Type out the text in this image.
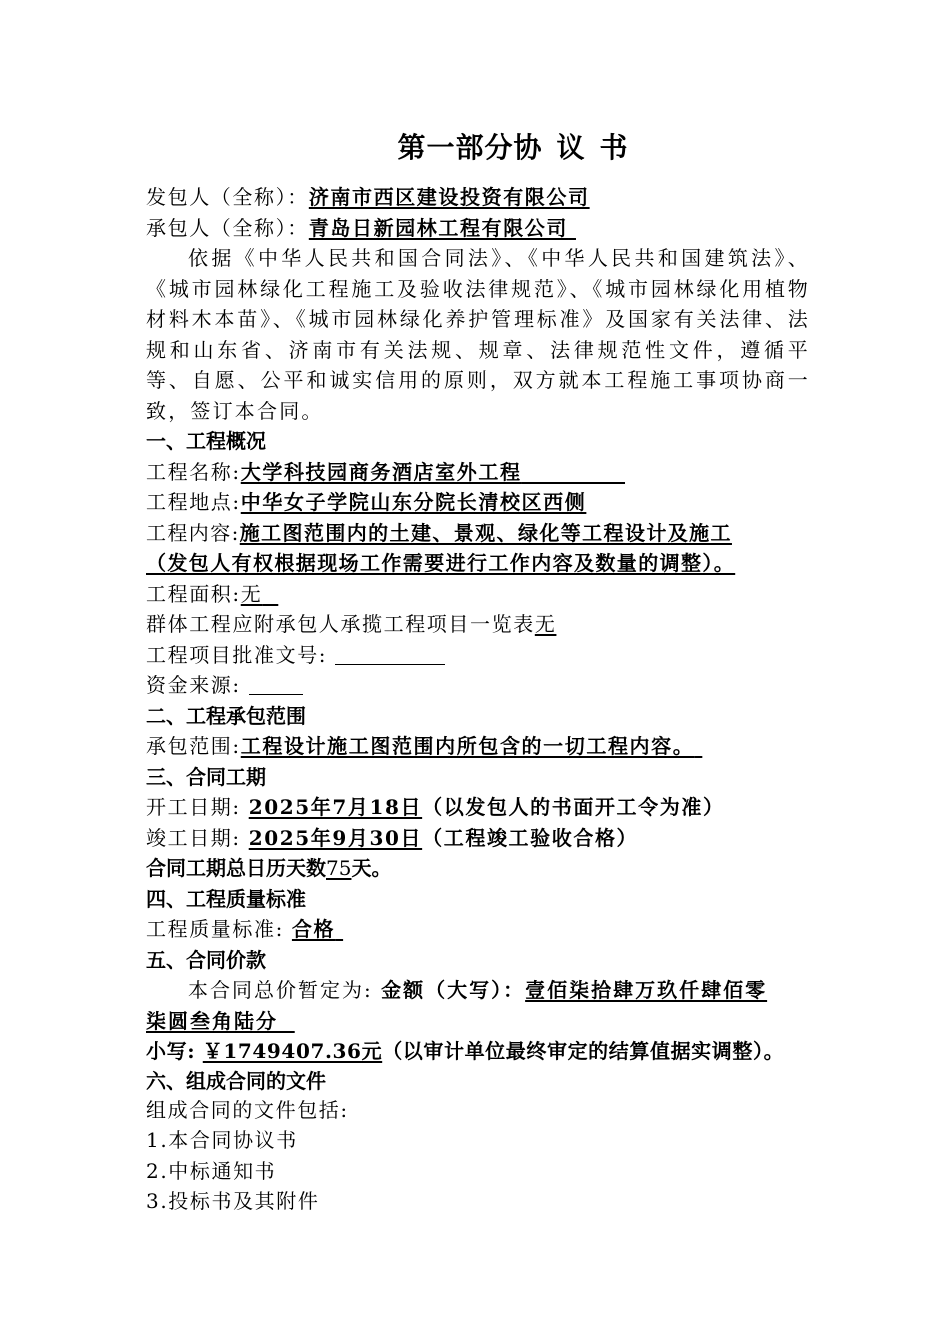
第一部分协 议 书
发包人（全称）：济南市西区建设投资有限公司
承包人（全称）：青岛日新园林工程有限公司

依据《中华人民共和国合同法》、《中华人民共和国建筑法》、《城市园林绿化工程施工及验收法律规范》、《城市园林绿化用植物材料木本苗》、《城市园林绿化养护管理标准》及国家有关法律、法规和山东省、济南市有关法规、规章、法律规范性文件，遵循平等、自愿、公平和诚实信用的原则，双方就本工程施工事项协商一致，签订本合同。

一、工程概况
工程名称:大学科技园商务酒店室外工程
工程地点:中华女子学院山东分院长清校区西侧
工程内容:施工图范围内的土建、景观、绿化等工程设计及施工
（发包人有权根据现场工作需要进行工作内容及数量的调整）。
工程面积:无
群体工程应附承包人承揽工程项目一览表无
工程项目批准文号:
资金来源:
二、工程承包范围
承包范围:工程设计施工图范围内所包含的一切工程内容。
三、合同工期
开工日期: 2025年7月18日（以发包人的书面开工令为准）
竣工日期: 2025年9月30日（工程竣工验收合格）
合同工期总日历天数75天。
四、工程质量标准
工程质量标准: 合格
五、合同价款
本合同总价暂定为: 金额（大写）：壹佰柒拾肆万玖仟肆佰零
柒圆叁角陆分
小写: ￥1749407.36元（以审计单位最终审定的结算值据实调整）。
六、组成合同的文件
组成合同的文件包括:
1.本合同协议书
2.中标通知书
3.投标书及其附件
